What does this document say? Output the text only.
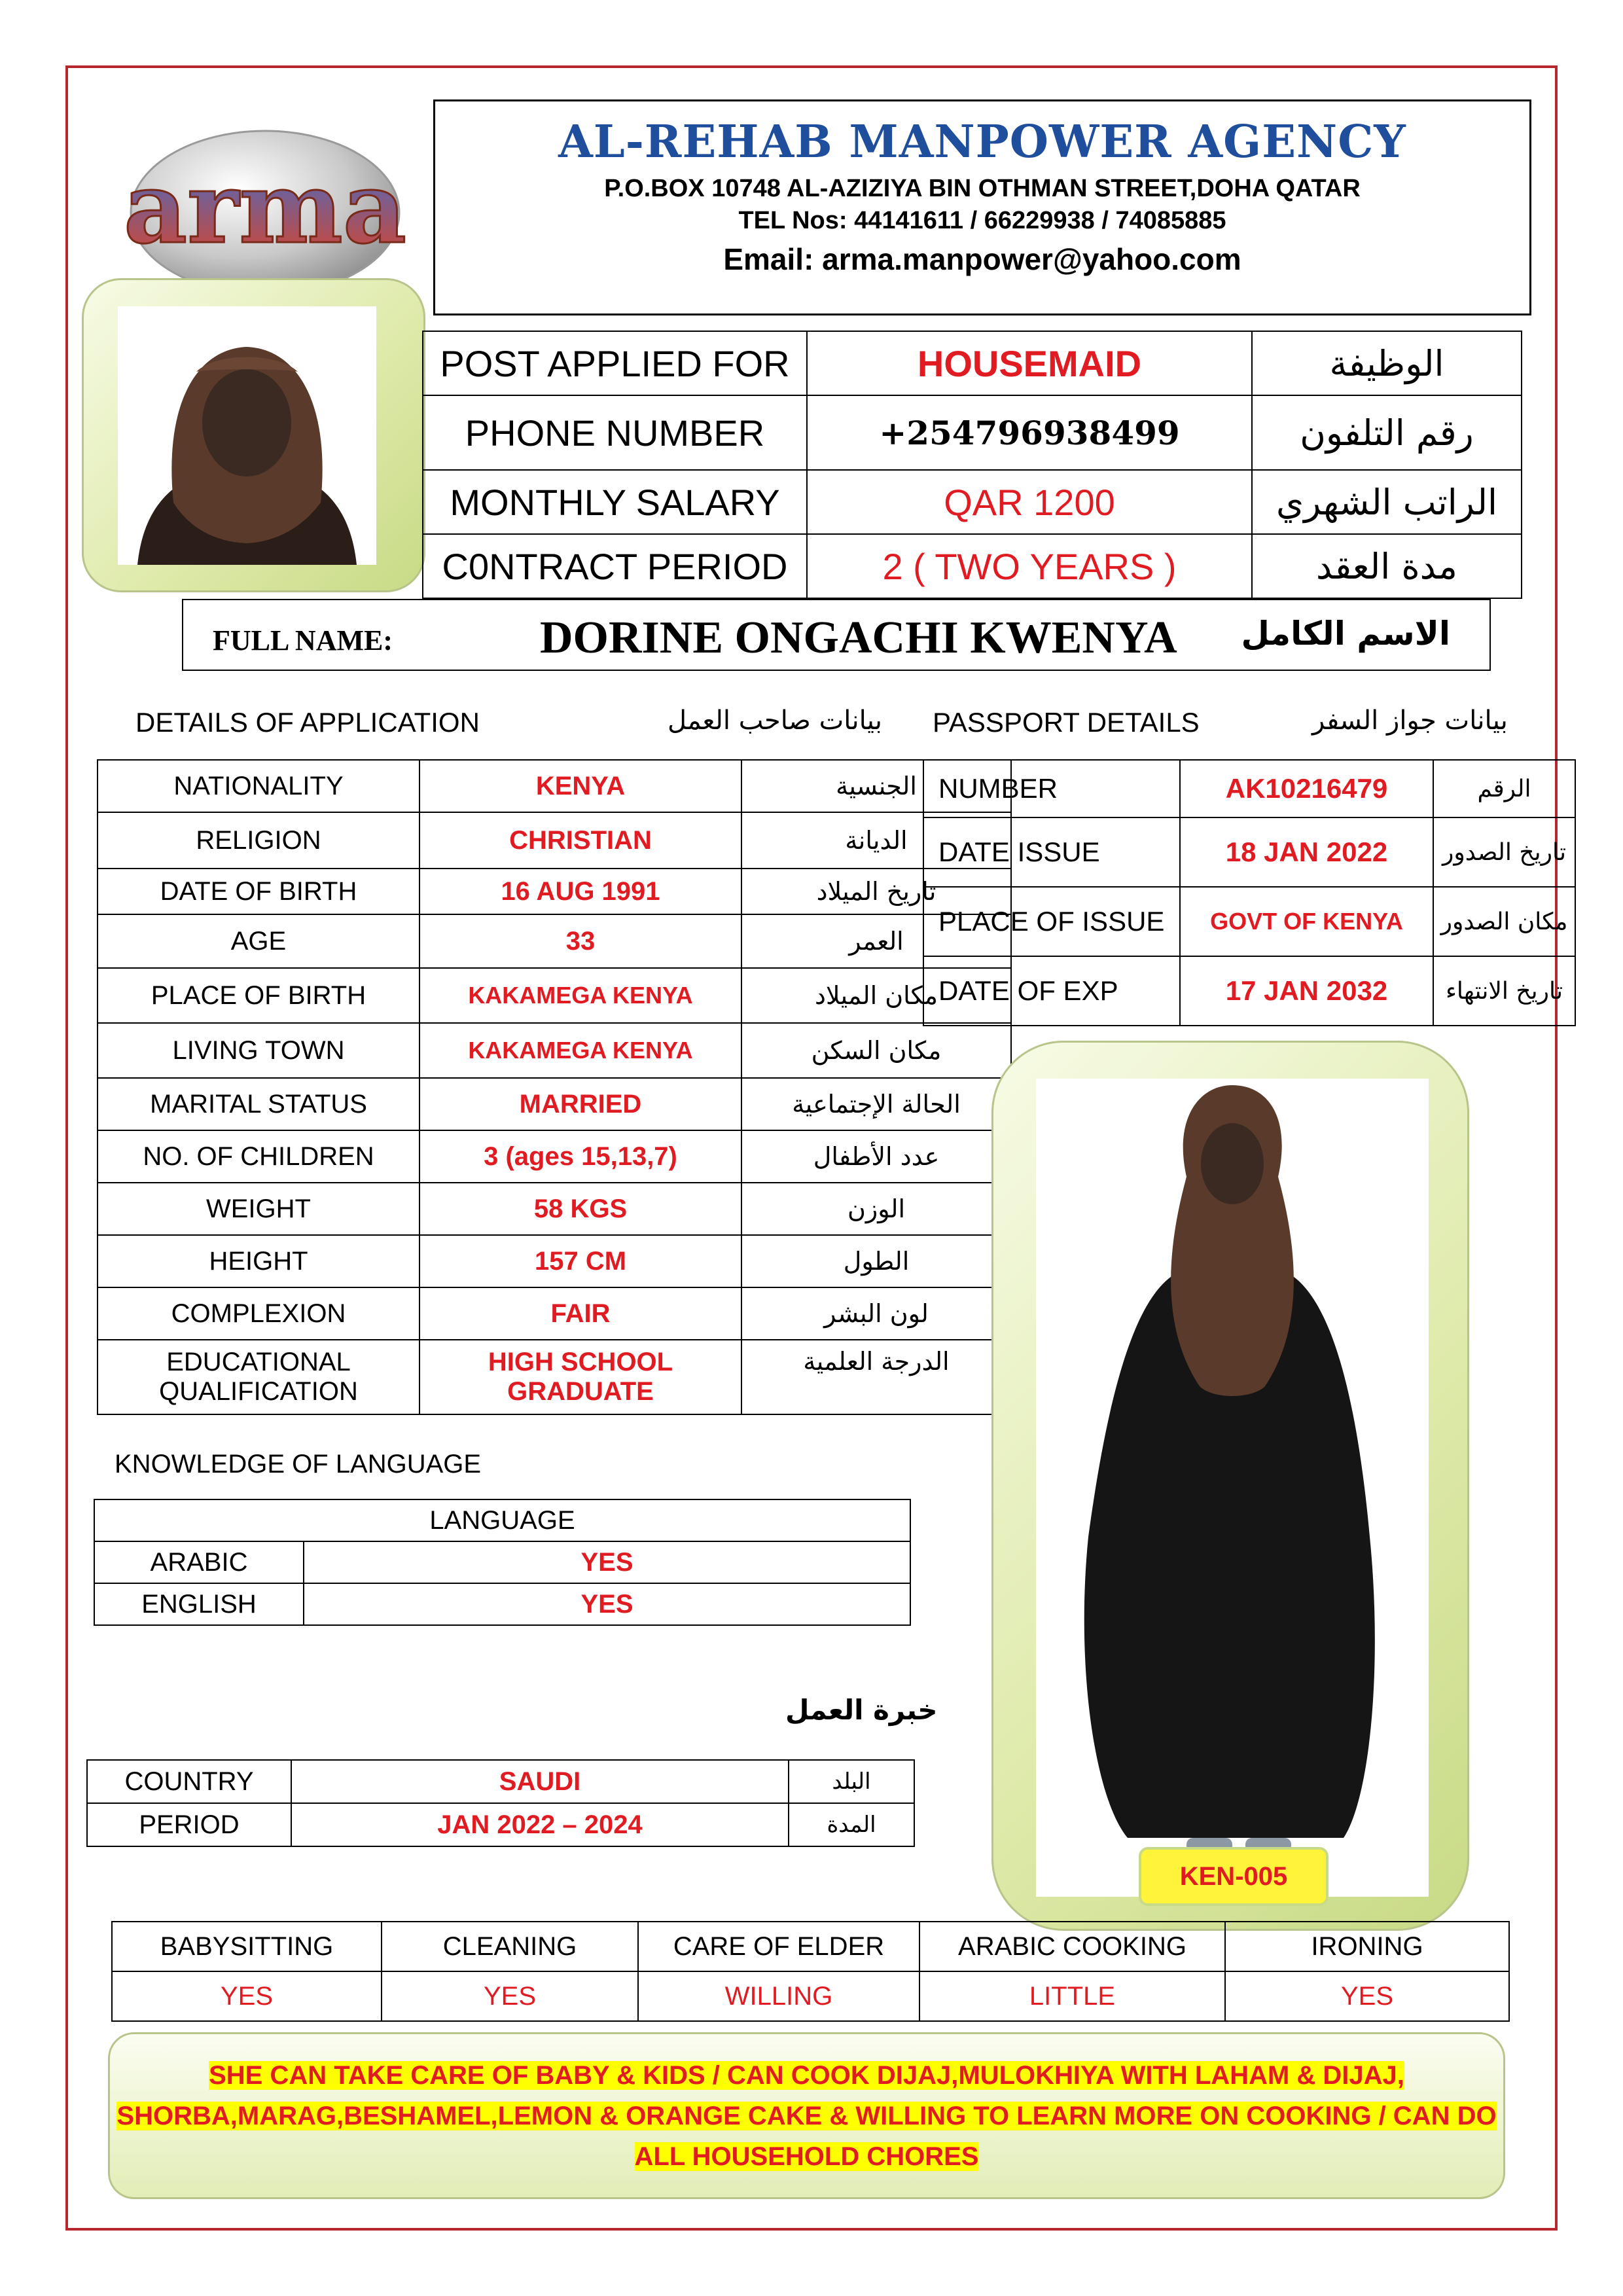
arma
AL-REHAB MANPOWER AGENCY
P.O.BOX 10748 AL-AZIZIYA BIN OTHMAN STREET,DOHA QATAR
TEL Nos: 44141611 / 66229938 / 74085885
Email: arma.manpower@yahoo.com
POST APPLIED FOR	HOUSEMAID	الوظيفة
PHONE NUMBER	+254796938499	رقم التلفون
MONTHLY SALARY	QAR 1200	الراتب الشهري
C0NTRACT PERIOD	2 ( TWO YEARS )	مدة العقد
FULL NAME:	DORINE ONGACHI KWENYA الاسم الكامل
DETAILS OF APPLICATION	بيانات صاحب العمل PASSPORT DETAILS	بيانات جواز السفر
NATIONALITY	KENYA	الجنسية
RELIGION	CHRISTIAN	الديانة
DATE OF BIRTH	16 AUG 1991	تاريخ الميلاد
AGE	33	العمر
PLACE OF BIRTH	KAKAMEGA KENYA	مكان الميلاد
LIVING TOWN	KAKAMEGA KENYA	مكان السكن
MARITAL STATUS	MARRIED	الحالة الإجتماعية
NO. OF CHILDREN	3 (ages 15,13,7)	عدد الأطفال
WEIGHT	58 KGS	الوزن
HEIGHT	157 CM	الطول
COMPLEXION	FAIR	لون البشر
EDUCATIONAL QUALIFICATION	HIGH SCHOOL GRADUATE	الدرجة العلمية
NUMBER	AK10216479	الرقم
DATE ISSUE	18 JAN 2022	تاريخ الصدور
PLACE OF ISSUE	GOVT OF KENYA	مكان الصدور
DATE OF EXP	17 JAN 2032	تاريخ الانتهاء
KEN-005
KNOWLEDGE OF LANGUAGE
LANGUAGE	
ARABIC	YES
ENGLISH	YES
خبرة العمل
COUNTRY	SAUDI	البلد
PERIOD	JAN 2022 – 2024	المدة
BABYSITTING	CLEANING	CARE OF ELDER	ARABIC COOKING	IRONING
YES	YES	WILLING	LITTLE	YES
SHE CAN TAKE CARE OF BABY & KIDS / CAN COOK DIJAJ,MULOKHIYA WITH LAHAM & DIJAJ,
SHORBA,MARAG,BESHAMEL,LEMON & ORANGE CAKE & WILLING TO LEARN MORE ON COOKING / CAN DO
ALL HOUSEHOLD CHORES
